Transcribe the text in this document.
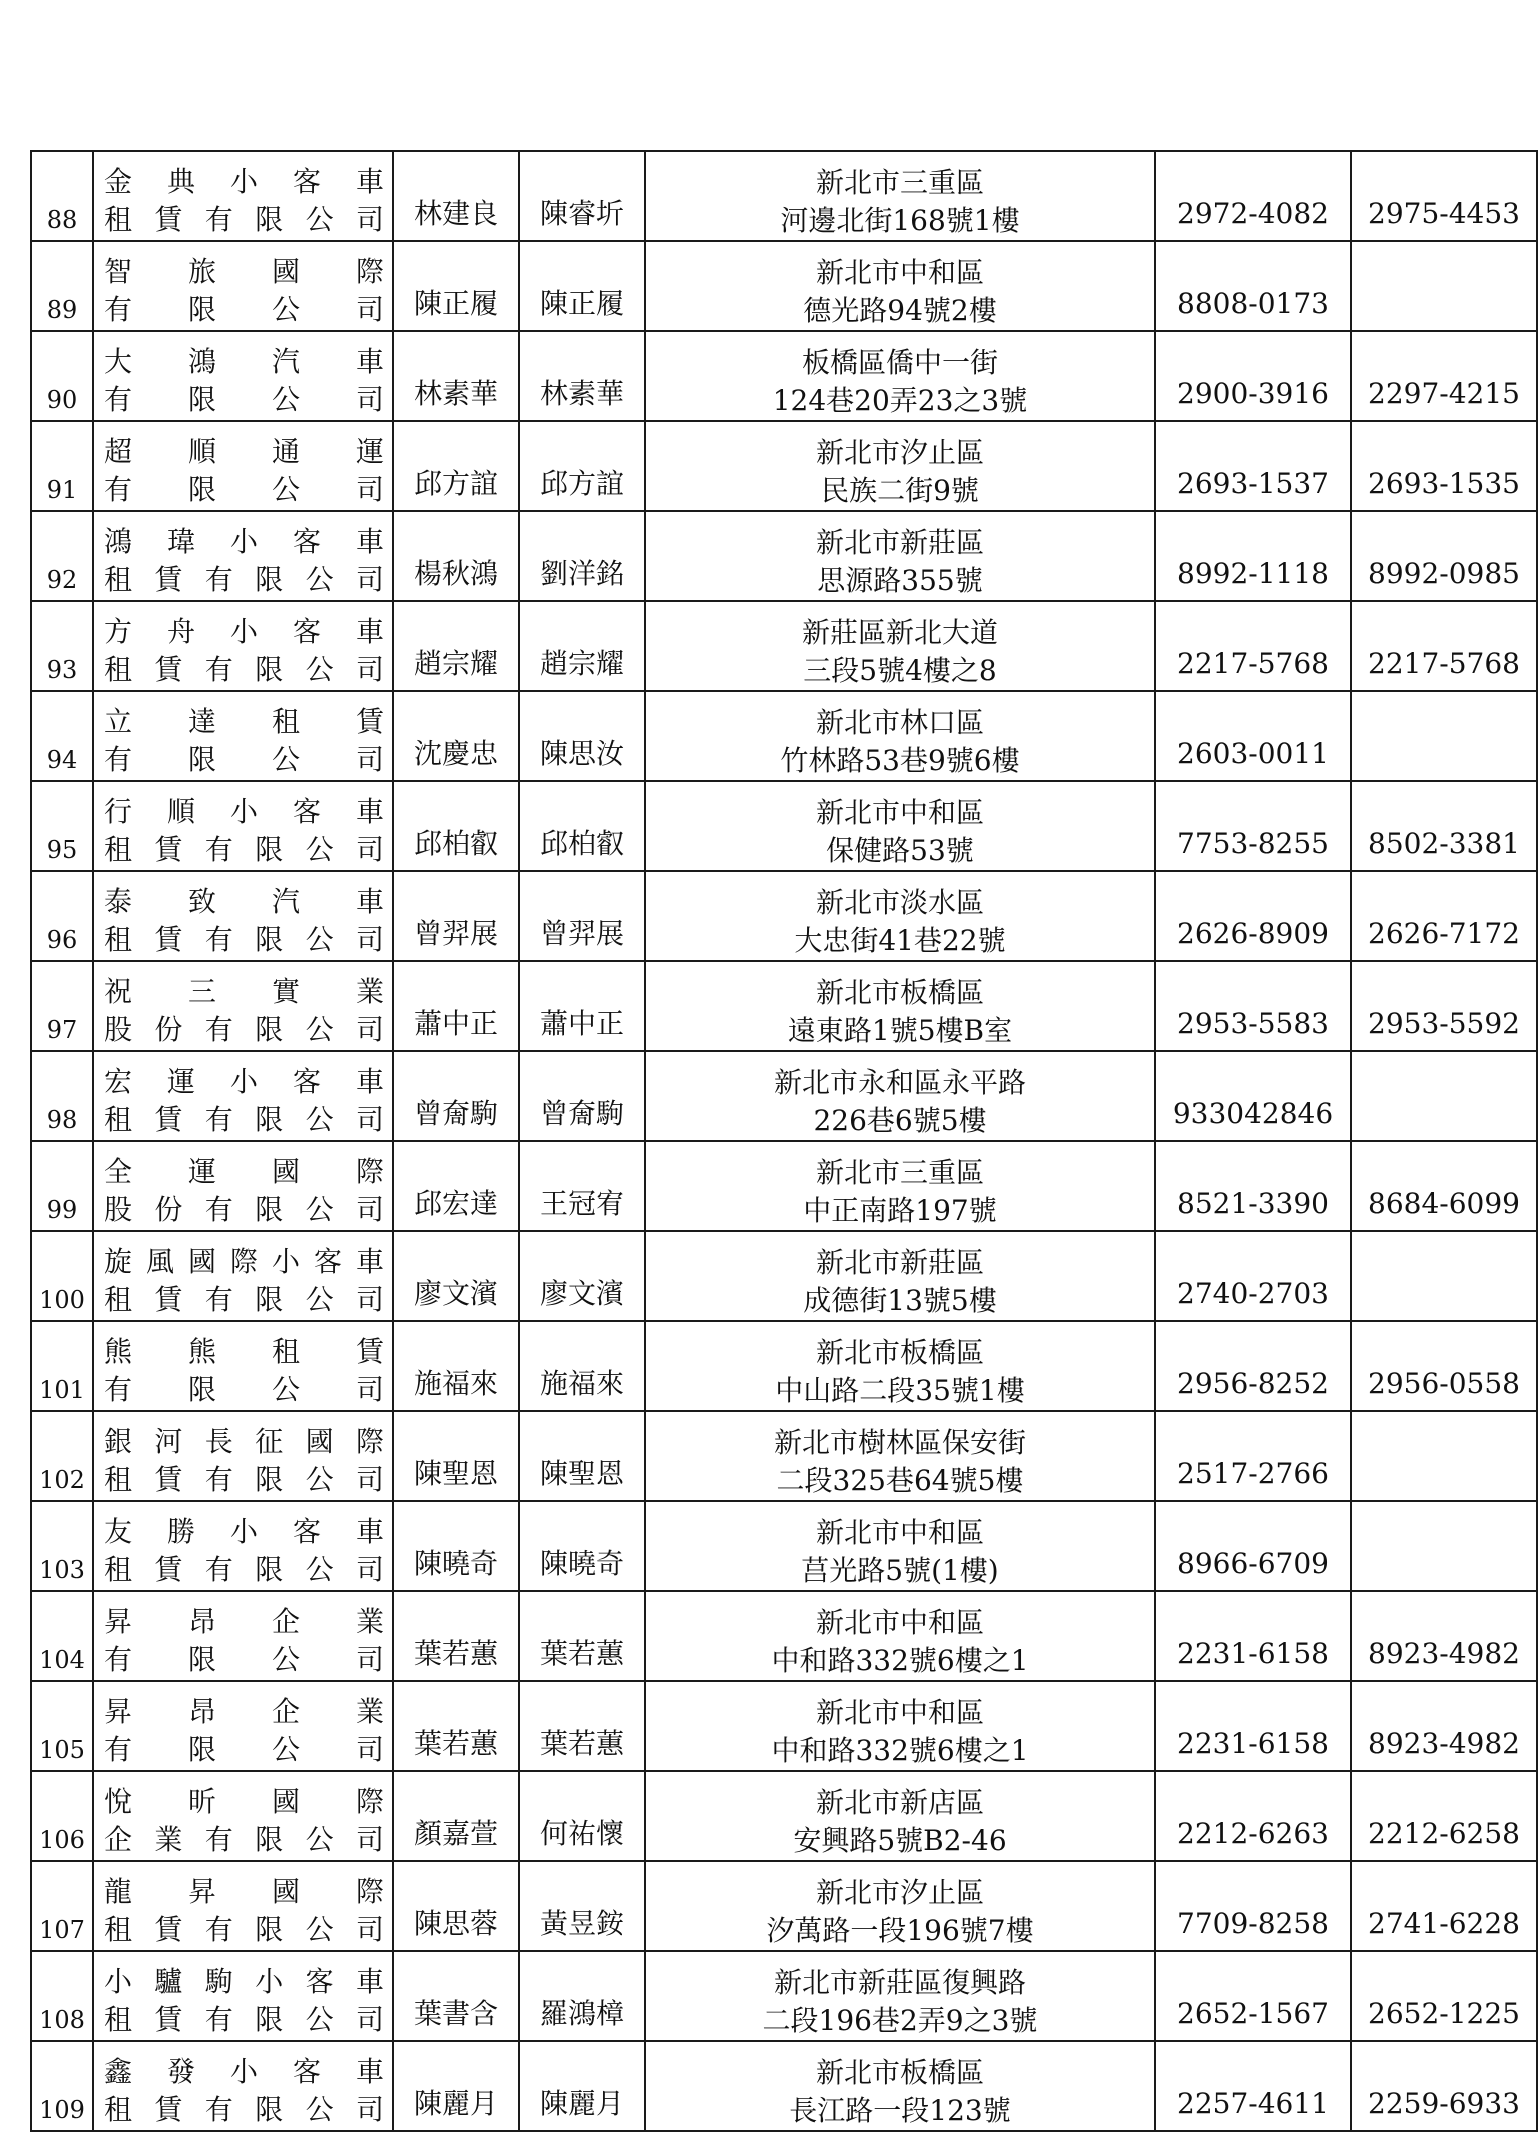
88	金典小客車
租賃有限公司	林建良	陳睿圻	新北市三重區
河邊北街168號1樓	2972-4082	2975-4453
89	智旅國際
有限公司	陳正履	陳正履	新北市中和區
德光路94號2樓	8808-0173	
90	大鴻汽車
有限公司	林素華	林素華	板橋區僑中一街
124巷20弄23之3號	2900-3916	2297-4215
91	超順通運
有限公司	邱方誼	邱方誼	新北市汐止區
民族二街9號	2693-1537	2693-1535
92	鴻瑋小客車
租賃有限公司	楊秋鴻	劉洋銘	新北市新莊區
思源路355號	8992-1118	8992-0985
93	方舟小客車
租賃有限公司	趙宗耀	趙宗耀	新莊區新北大道
三段5號4樓之8	2217-5768	2217-5768
94	立達租賃
有限公司	沈慶忠	陳思汝	新北市林口區
竹林路53巷9號6樓	2603-0011	
95	行順小客車
租賃有限公司	邱柏叡	邱柏叡	新北市中和區
保健路53號	7753-8255	8502-3381
96	泰致汽車
租賃有限公司	曾羿展	曾羿展	新北市淡水區
大忠街41巷22號	2626-8909	2626-7172
97	祝三實業
股份有限公司	蕭中正	蕭中正	新北市板橋區
遠東路1號5樓B室	2953-5583	2953-5592
98	宏運小客車
租賃有限公司	曾奝駒	曾奝駒	新北市永和區永平路
226巷6號5樓	933042846	
99	全運國際
股份有限公司	邱宏達	王冠宥	新北市三重區
中正南路197號	8521-3390	8684-6099
100	旋風國際小客車
租賃有限公司	廖文濱	廖文濱	新北市新莊區
成德街13號5樓	2740-2703	
101	熊熊租賃
有限公司	施福來	施福來	新北市板橋區
中山路二段35號1樓	2956-8252	2956-0558
102	銀河長征國際
租賃有限公司	陳聖恩	陳聖恩	新北市樹林區保安街
二段325巷64號5樓	2517-2766	
103	友勝小客車
租賃有限公司	陳曉奇	陳曉奇	新北市中和區
莒光路5號(1樓)	8966-6709	
104	昇昂企業
有限公司	葉若蕙	葉若蕙	新北市中和區
中和路332號6樓之1	2231-6158	8923-4982
105	昇昂企業
有限公司	葉若蕙	葉若蕙	新北市中和區
中和路332號6樓之1	2231-6158	8923-4982
106	悅昕國際
企業有限公司	顏嘉萱	何祐懷	新北市新店區
安興路5號B2-46	2212-6263	2212-6258
107	龍昇國際
租賃有限公司	陳思蓉	黃昱銨	新北市汐止區
汐萬路一段196號7樓	7709-8258	2741-6228
108	小驢駒小客車
租賃有限公司	葉書含	羅鴻樟	新北市新莊區復興路
二段196巷2弄9之3號	2652-1567	2652-1225
109	鑫發小客車
租賃有限公司	陳麗月	陳麗月	新北市板橋區
長江路一段123號	2257-4611	2259-6933
